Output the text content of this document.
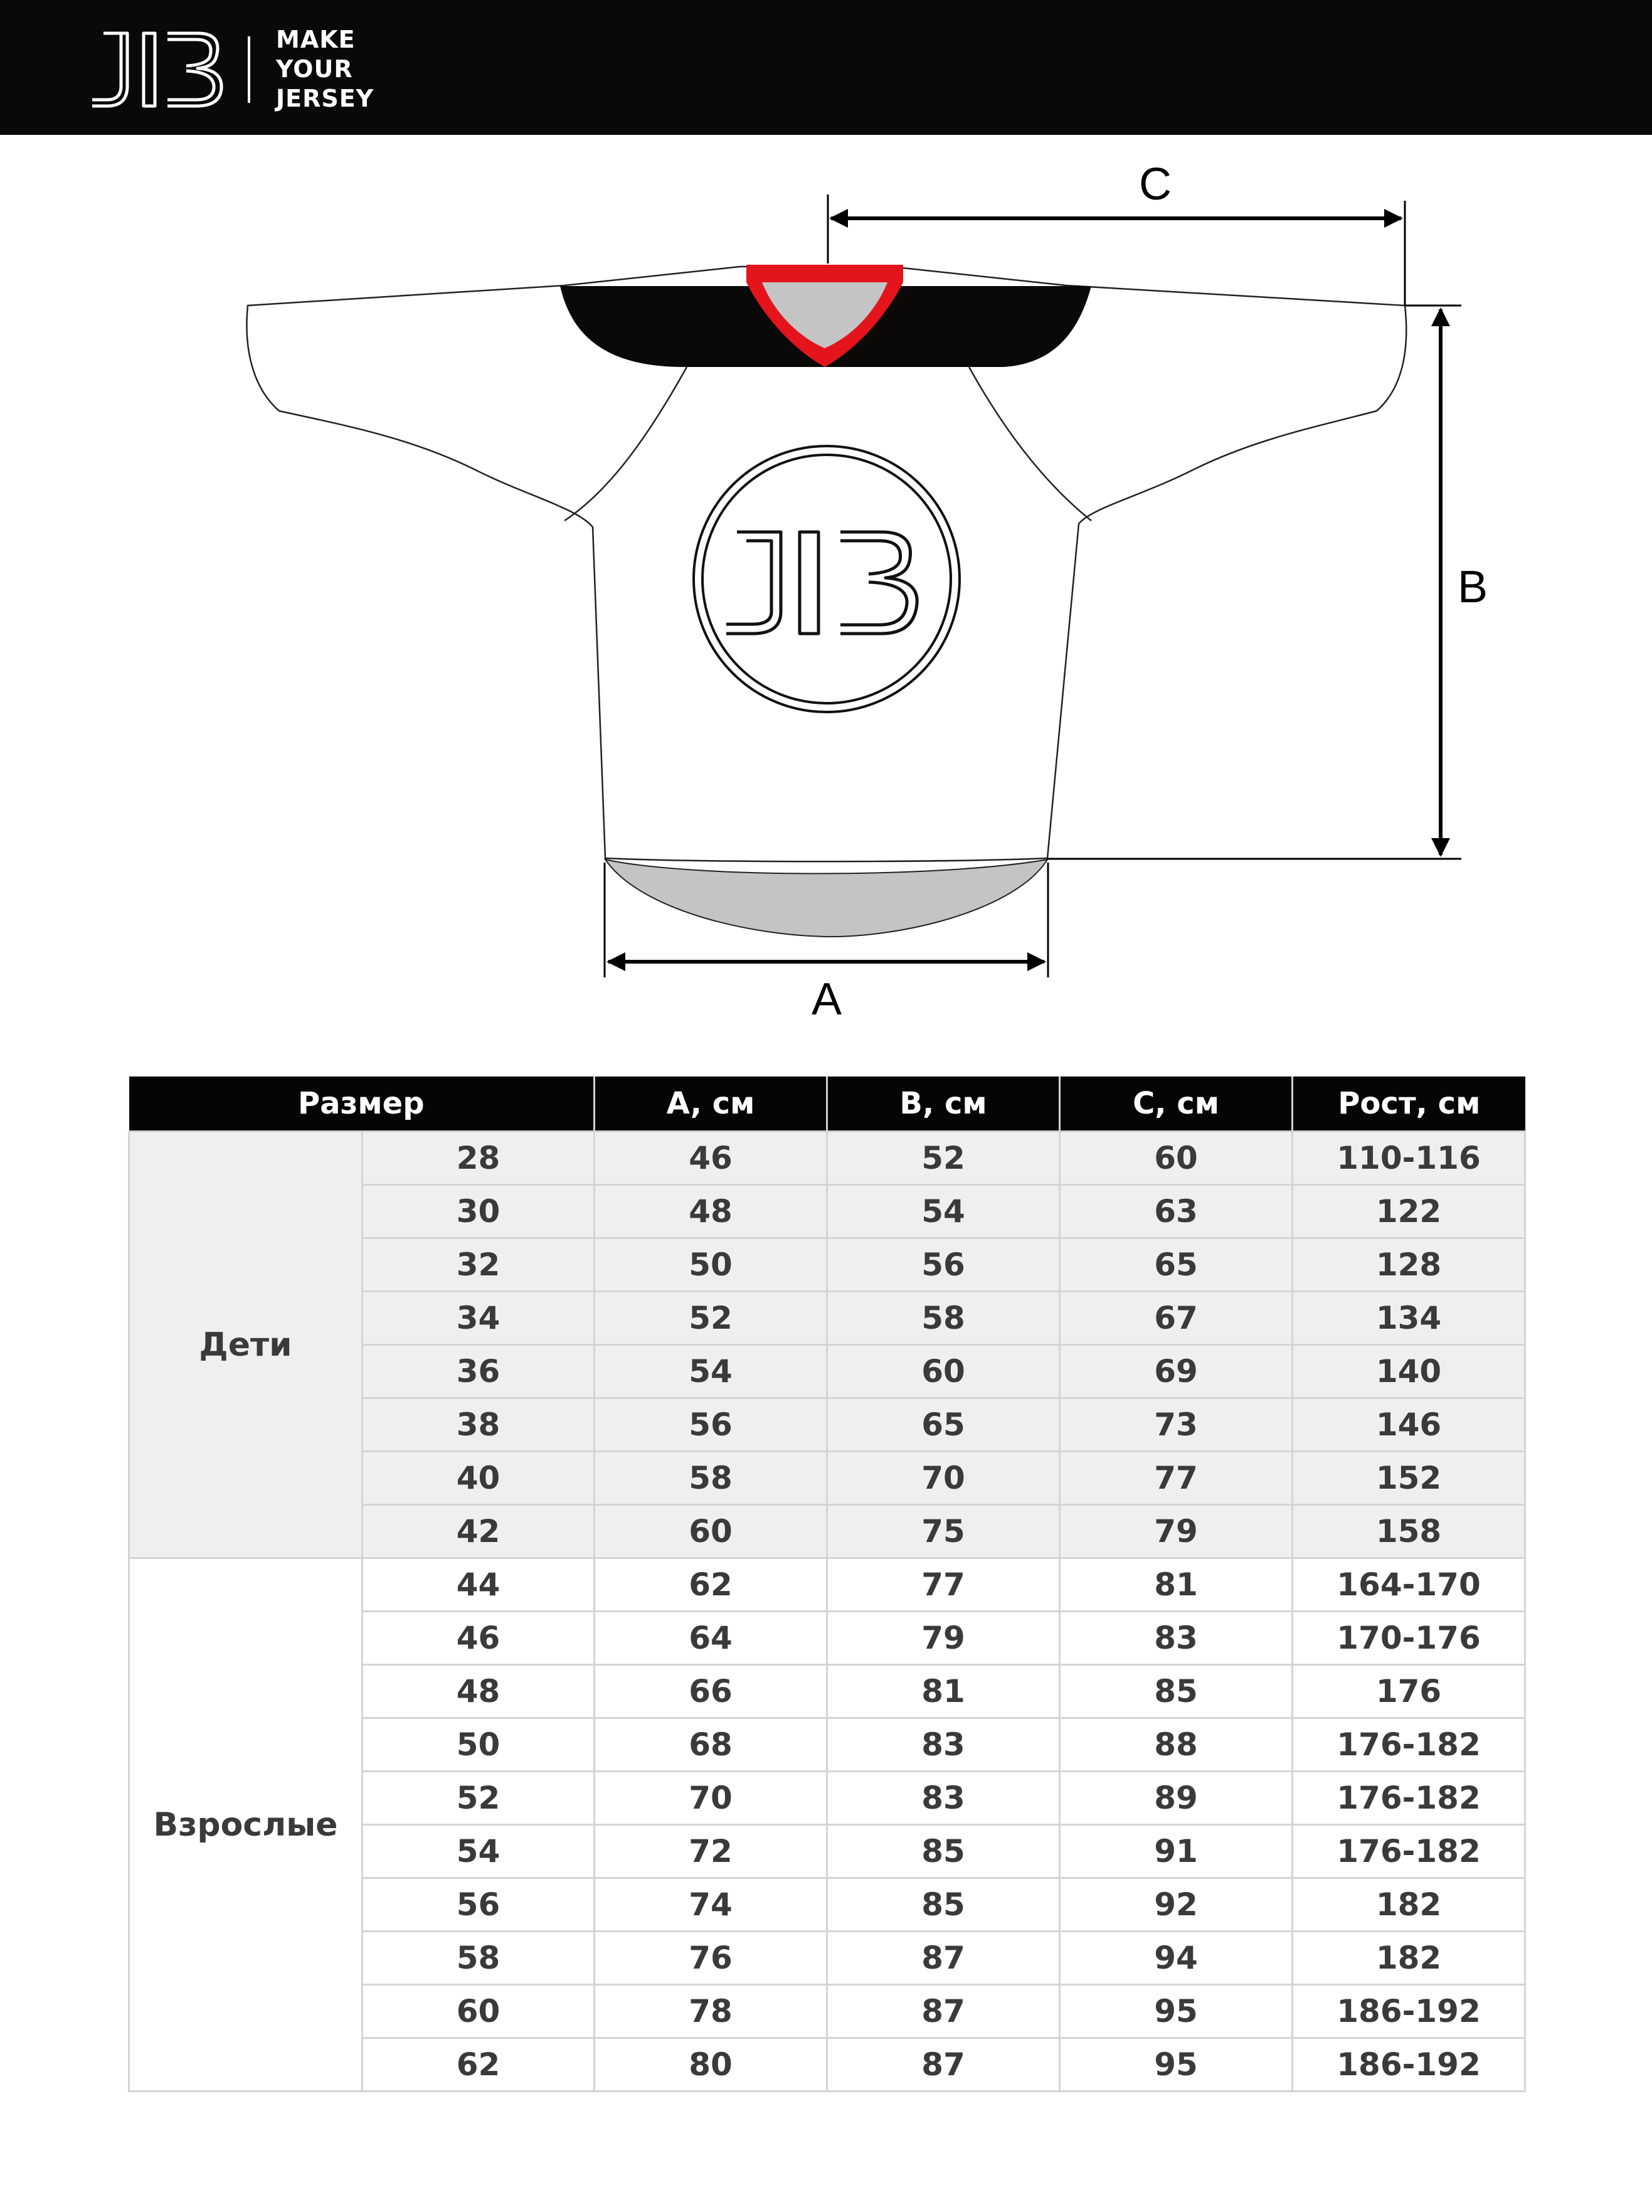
MAKE
YOUR
JERSEY
C
B
A
Размер		A, см	B, см	C, см	Рост, см
Дети	28	46	52	60	110-116
	30	48	54	63	122
	32	50	56	65	128
	34	52	58	67	134
	36	54	60	69	140
	38	56	65	73	146
	40	58	70	77	152
	42	60	75	79	158
Взрослые	44	62	77	81	164-170
	46	64	79	83	170-176
	48	66	81	85	176
	50	68	83	88	176-182
	52	70	83	89	176-182
	54	72	85	91	176-182
	56	74	85	92	182
	58	76	87	94	182
	60	78	87	95	186-192
	62	80	87	95	186-192
